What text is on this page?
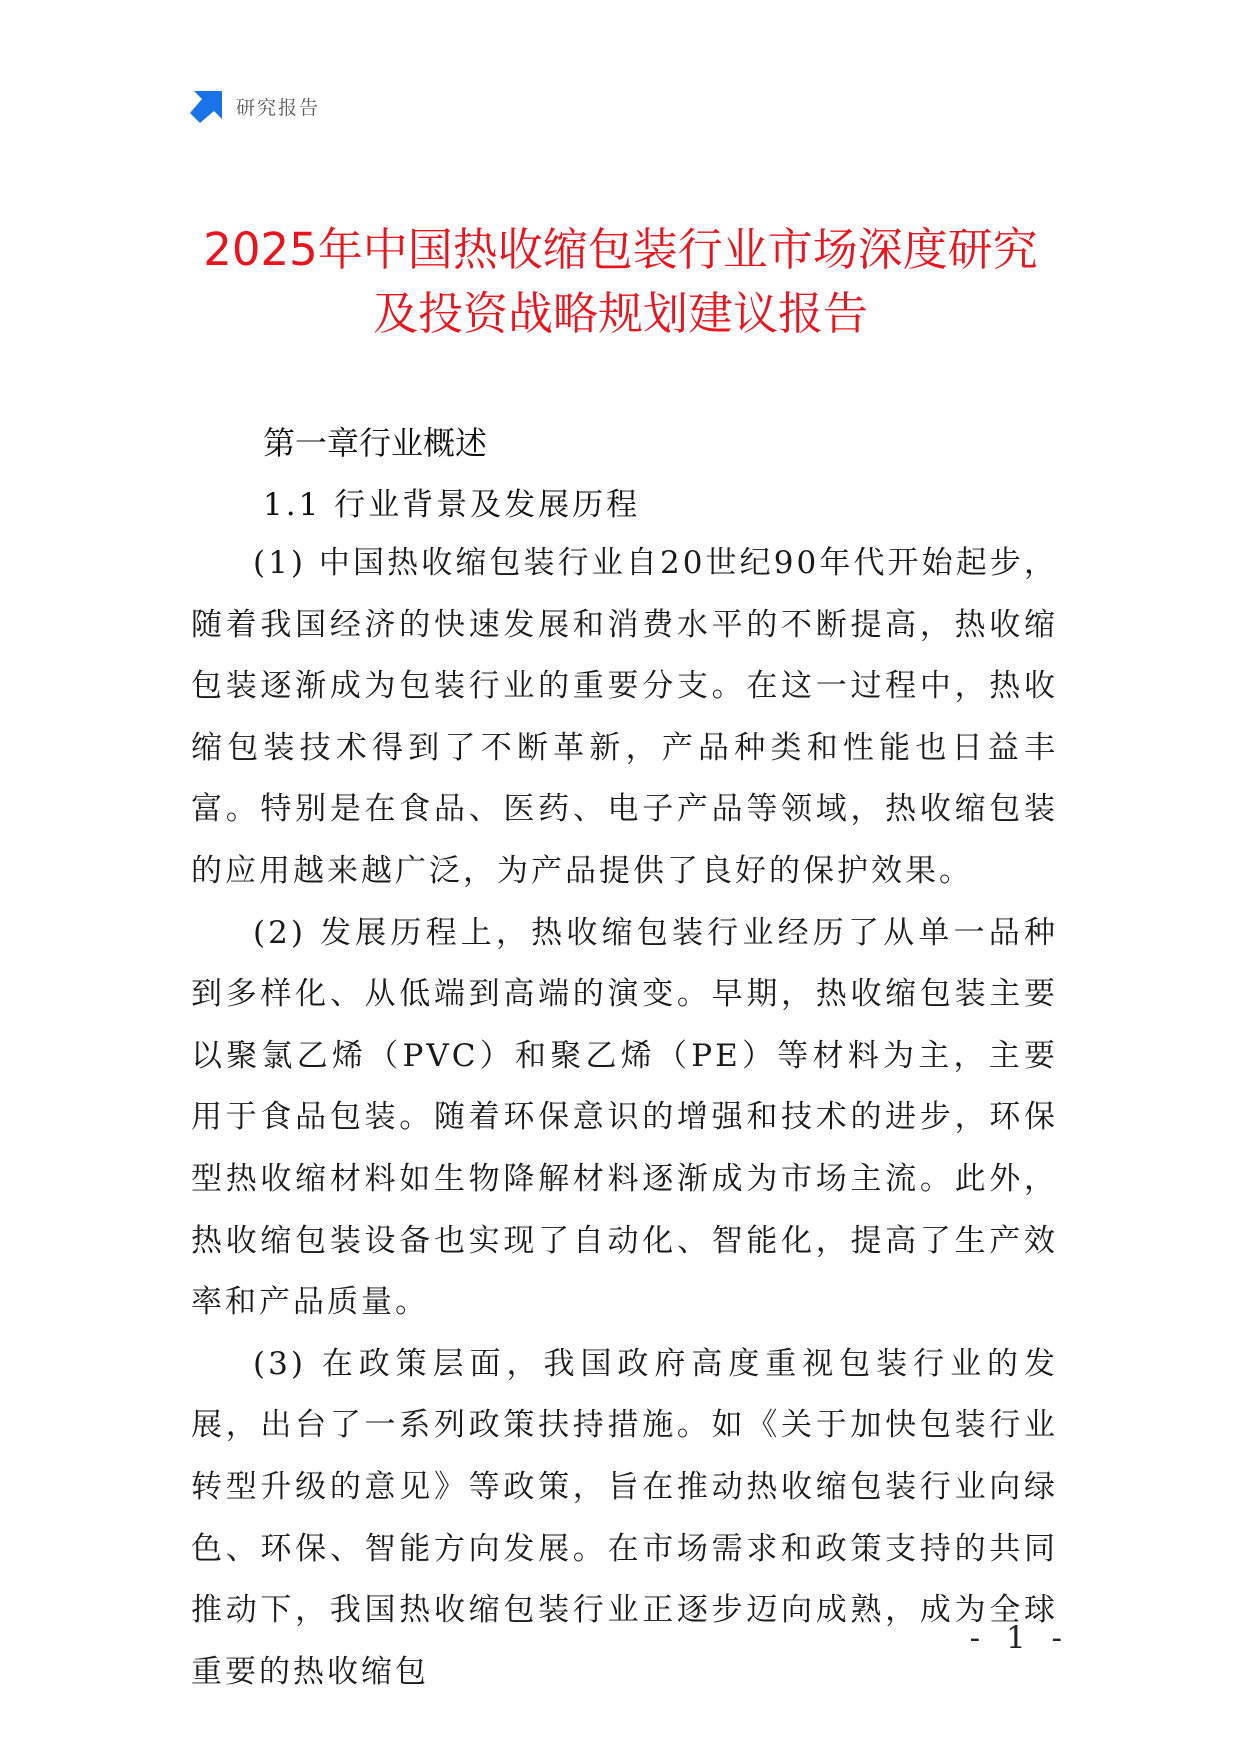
研究报告
2025年中国热收缩包装行业市场深度研究
及投资战略规划建议报告
第一章行业概述
1.1 行业背景及发展历程

(1) 中国热收缩包装行业自20世纪90年代开始起步，随着我国经济的快速发展和消费水平的不断提高，热收缩包装逐渐成为包装行业的重要分支。在这一过程中，热收缩包装技术得到了不断革新，产品种类和性能也日益丰富。特别是在食品、医药、电子产品等领域，热收缩包装的应用越来越广泛，为产品提供了良好的保护效果。

(2) 发展历程上，热收缩包装行业经历了从单一品种到多样化、从低端到高端的演变。早期，热收缩包装主要以聚氯乙烯（PVC）和聚乙烯（PE）等材料为主，主要用于食品包装。随着环保意识的增强和技术的进步，环保型热收缩材料如生物降解材料逐渐成为市场主流。此外，热收缩包装设备也实现了自动化、智能化，提高了生产效率和产品质量。

(3) 在政策层面，我国政府高度重视包装行业的发展，出台了一系列政策扶持措施。如《关于加快包装行业转型升级的意见》等政策，旨在推动热收缩包装行业向绿色、环保、智能方向发展。在市场需求和政策支持的共同推动下，我国热收缩包装行业正逐步迈向成熟，成为全球重要的热收缩包

- 1 -
